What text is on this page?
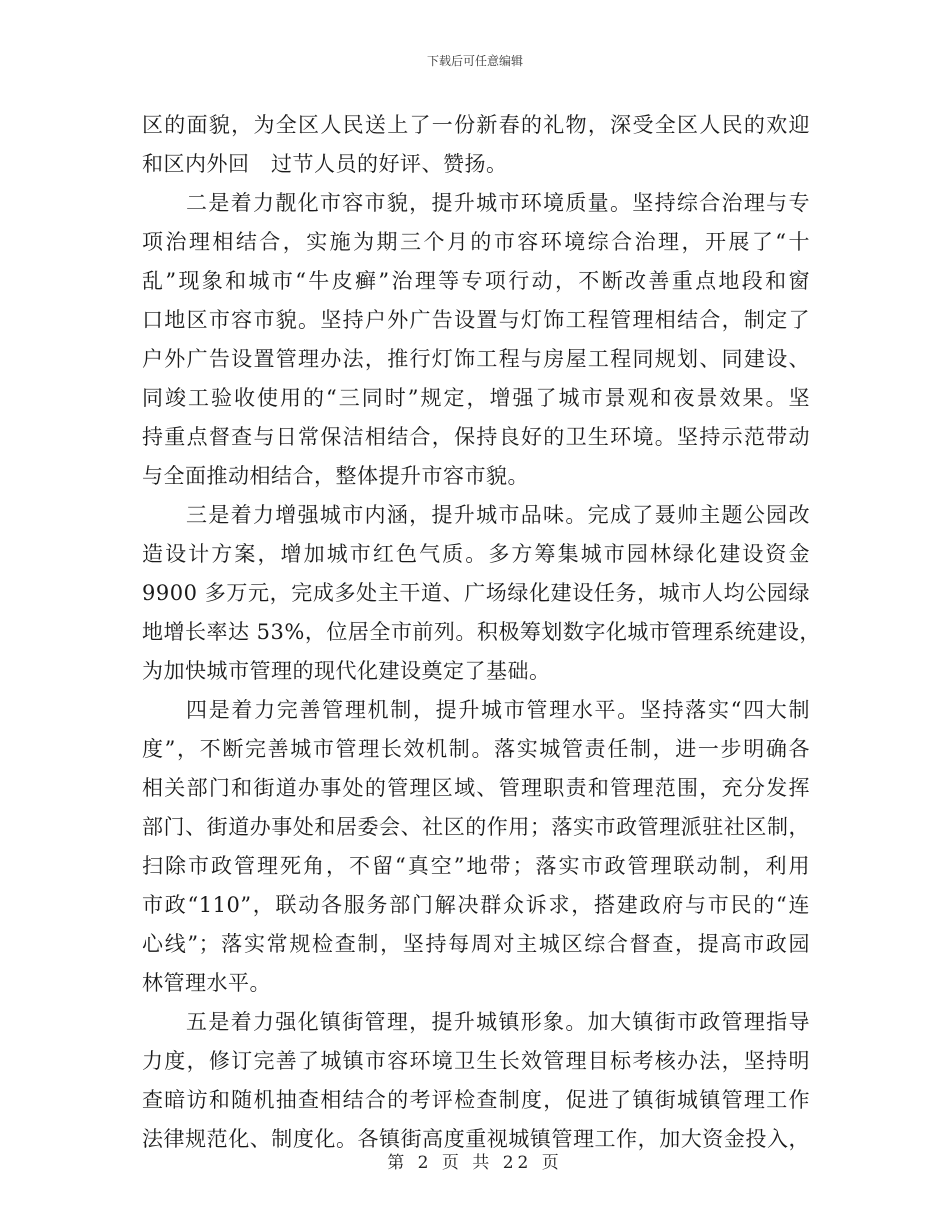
下载后可任意编辑
区的面貌，为全区人民送上了一份新春的礼物，深受全区人民的欢迎
和区内外回　过节人员的好评、赞扬。
二是着力靓化市容市貌，提升城市环境质量。坚持综合治理与专
项治理相结合，实施为期三个月的市容环境综合治理，开展了“十
乱”现象和城市“牛皮癣”治理等专项行动，不断改善重点地段和窗
口地区市容市貌。坚持户外广告设置与灯饰工程管理相结合，制定了
户外广告设置管理办法，推行灯饰工程与房屋工程同规划、同建设、
同竣工验收使用的“三同时”规定，增强了城市景观和夜景效果。坚
持重点督查与日常保洁相结合，保持良好的卫生环境。坚持示范带动
与全面推动相结合，整体提升市容市貌。
三是着力增强城市内涵，提升城市品味。完成了聂帅主题公园改
造设计方案，增加城市红色气质。多方筹集城市园林绿化建设资金
9900 多万元，完成多处主干道、广场绿化建设任务，城市人均公园绿
地增长率达 53%，位居全市前列。积极筹划数字化城市管理系统建设，
为加快城市管理的现代化建设奠定了基础。
四是着力完善管理机制，提升城市管理水平。坚持落实“四大制
度”，不断完善城市管理长效机制。落实城管责任制，进一步明确各
相关部门和街道办事处的管理区域、管理职责和管理范围，充分发挥
部门、街道办事处和居委会、社区的作用；落实市政管理派驻社区制，
扫除市政管理死角，不留“真空”地带；落实市政管理联动制，利用
市政“110”，联动各服务部门解决群众诉求，搭建政府与市民的“连
心线”；落实常规检查制，坚持每周对主城区综合督查，提高市政园
林管理水平。
五是着力强化镇街管理，提升城镇形象。加大镇街市政管理指导
力度，修订完善了城镇市容环境卫生长效管理目标考核办法，坚持明
查暗访和随机抽查相结合的考评检查制度，促进了镇街城镇管理工作
法律规范化、制度化。各镇街高度重视城镇管理工作，加大资金投入，
第 2 页 共 22 页
